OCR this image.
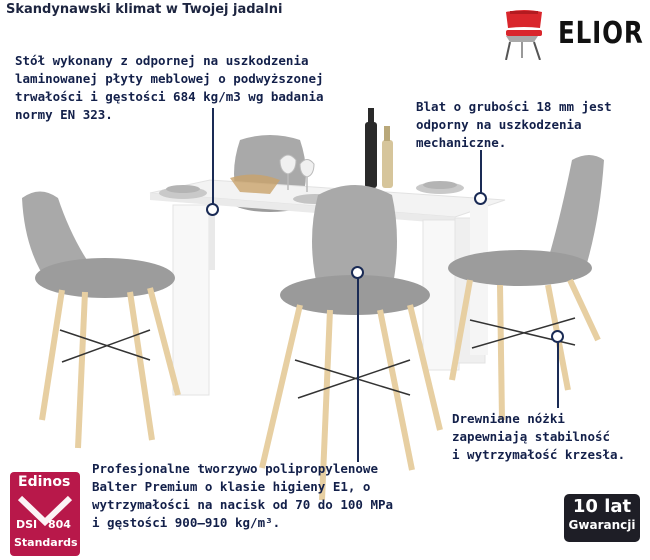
Skandynawski klimat w Twojej jadalni
ELIOR
Stół wykonany z odpornej na uszkodzenia
laminowanej płyty meblowej o podwyższonej
trwałości i gęstości 684 kg/m3 wg badania
normy EN 323.
Blat o grubości 18 mm jest
odporny na uszkodzenia
mechaniczne.
Drewniane nóżki
zapewniają stabilność
i wytrzymałość krzesła.
Profesjonalne tworzywo polipropylenowe
Balter Premium o klasie higieny E1, o
wytrzymałości na nacisk od 70 do 100 MPa
i gęstości 900–910 kg/m³.
Edinos
DSI 804
Standards
10 lat
Gwarancji
